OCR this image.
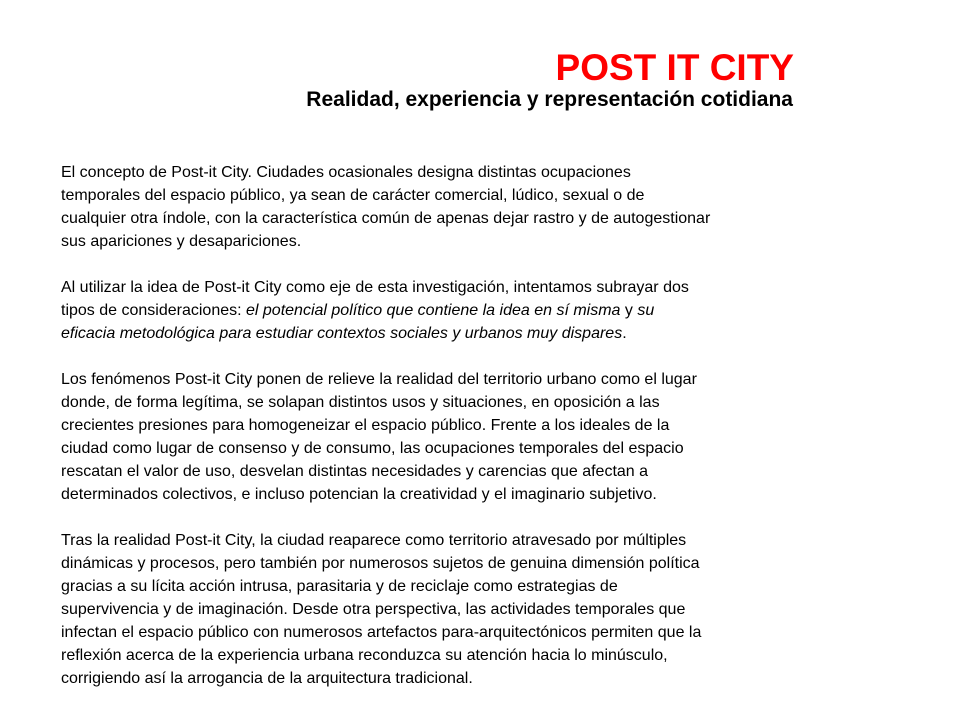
POST IT CITY
Realidad, experiencia y representación cotidiana

El concepto de Post-it City. Ciudades ocasionales designa distintas ocupaciones
temporales del espacio público, ya sean de carácter comercial, lúdico, sexual o de
cualquier otra índole, con la característica común de apenas dejar rastro y de autogestionar
sus apariciones y desapariciones.

Al utilizar la idea de Post-it City como eje de esta investigación, intentamos subrayar dos
tipos de consideraciones: el potencial político que contiene la idea en sí misma y su
eficacia metodológica para estudiar contextos sociales y urbanos muy dispares.

Los fenómenos Post-it City ponen de relieve la realidad del territorio urbano como el lugar
donde, de forma legítima, se solapan distintos usos y situaciones, en oposición a las
crecientes presiones para homogeneizar el espacio público. Frente a los ideales de la
ciudad como lugar de consenso y de consumo, las ocupaciones temporales del espacio
rescatan el valor de uso, desvelan distintas necesidades y carencias que afectan a
determinados colectivos, e incluso potencian la creatividad y el imaginario subjetivo.

Tras la realidad Post-it City, la ciudad reaparece como territorio atravesado por múltiples
dinámicas y procesos, pero también por numerosos sujetos de genuina dimensión política
gracias a su lícita acción intrusa, parasitaria y de reciclaje como estrategias de
supervivencia y de imaginación. Desde otra perspectiva, las actividades temporales que
infectan el espacio público con numerosos artefactos para-arquitectónicos permiten que la
reflexión acerca de la experiencia urbana reconduzca su atención hacia lo minúsculo,
corrigiendo así la arrogancia de la arquitectura tradicional.
